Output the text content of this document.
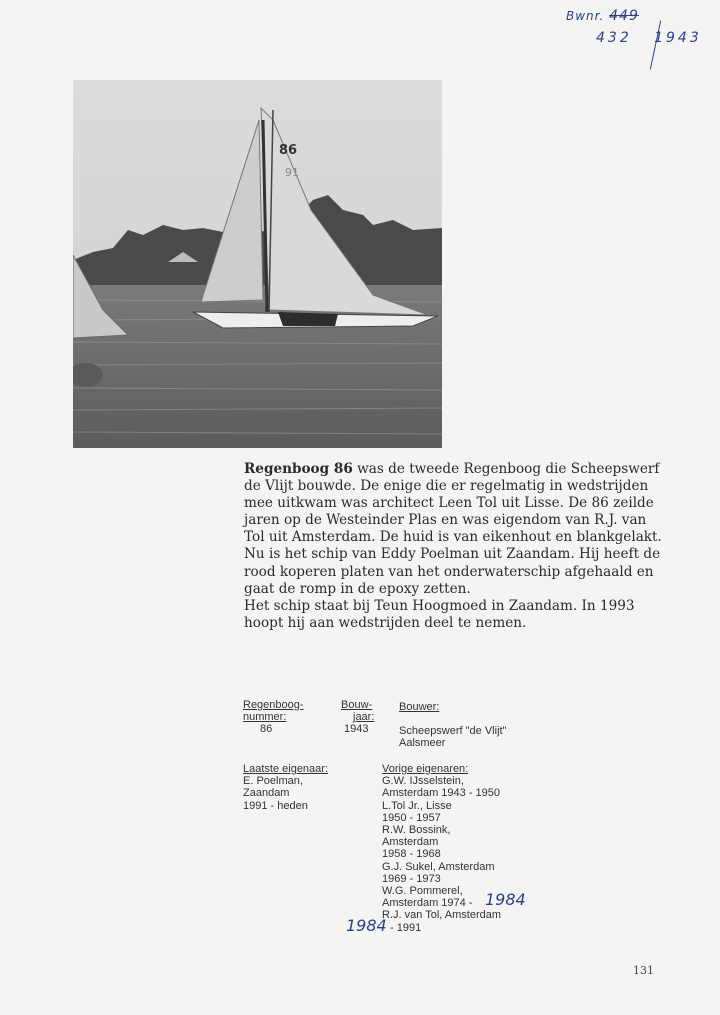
Bwnr. 449
432 1943
86
91

Regenboog 86 was de tweede Regenboog die Scheepswerf de Vlijt bouwde. De enige die er regelmatig in wedstrijden mee uitkwam was architect Leen Tol uit Lisse. De 86 zeilde jaren op de Westeinder Plas en was eigendom van R.J. van Tol uit Amsterdam. De huid is van eikenhout en blankgelakt.

Nu is het schip van Eddy Poelman uit Zaandam. Hij heeft de rood koperen platen van het onderwaterschip afgehaald en gaat de romp in de epoxy zetten.

Het schip staat bij Teun Hoogmoed in Zaandam. In 1993 hoopt hij aan wedstrijden deel te nemen.

Regenboog-
nummer:
86
Bouw-
jaar:
1943
Bouwer:
Scheepswerf "de Vlijt"
Aalsmeer
Laatste eigenaar:
E. Poelman,
Zaandam
1991 - heden
Vorige eigenaren:
G.W. IJsselstein,
Amsterdam 1943 - 1950
L.Tol Jr., Lisse
1950 - 1957
R.W. Bossink,
Amsterdam
1958 - 1968
G.J. Sukel, Amsterdam
1969 - 1973
W.G. Pommerel,
Amsterdam 1974 -
R.J. van Tol, Amsterdam
- 1991
1984
1984
131
